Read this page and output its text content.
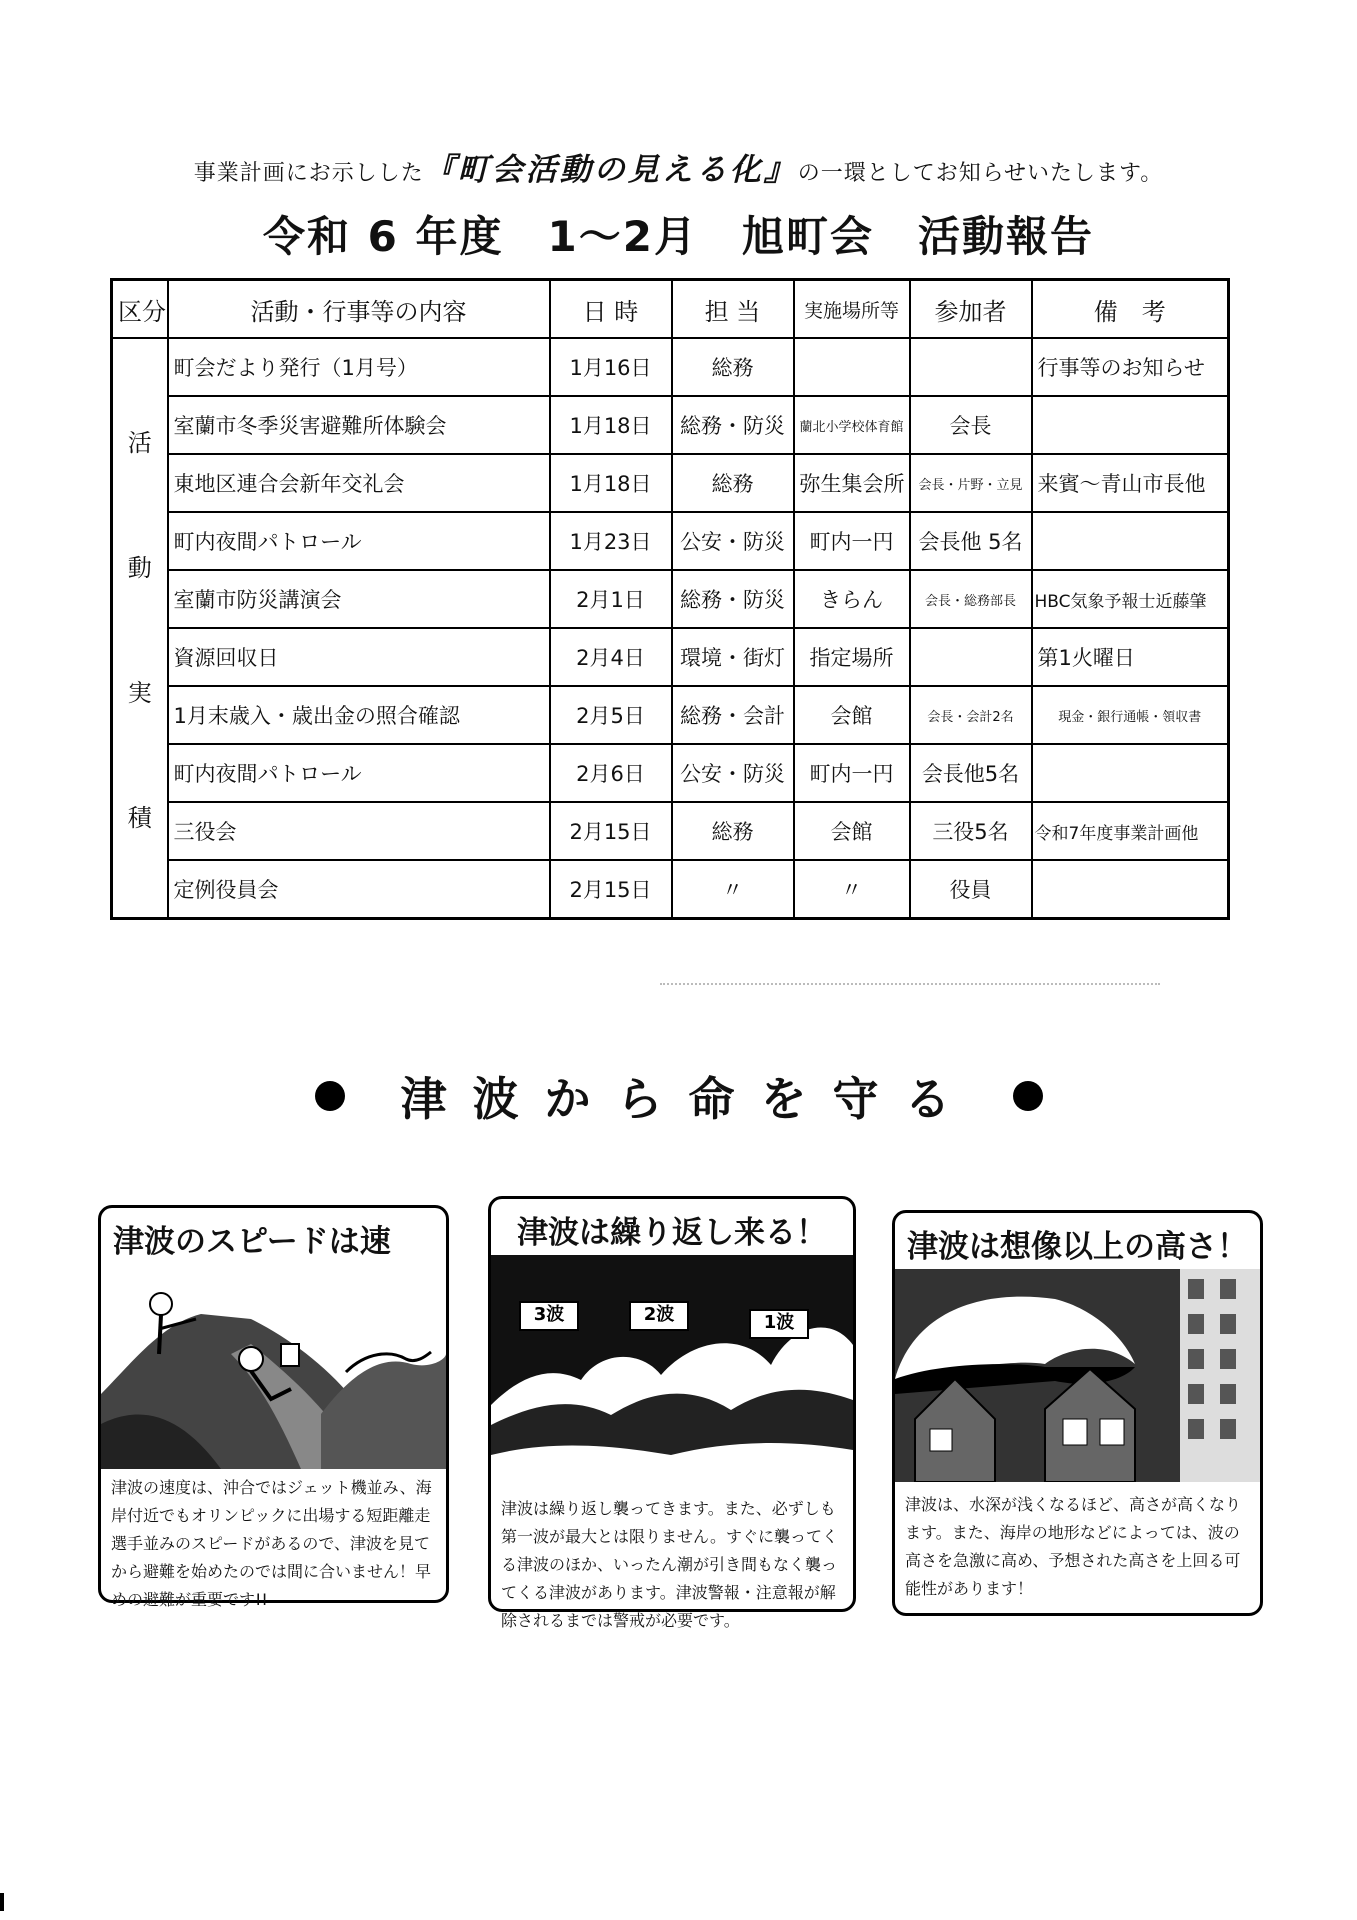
事業計画にお示しした『町会活動の見える化』の一環としてお知らせいたします。
令和 6 年度　1～2月　旭町会　活動報告
区分	活動・行事等の内容	日 時	担 当	実施場所等	参加者	備　考

活
動
実
積	町会だより発行（1月号）	1月16日	総務			行事等のお知らせ
	室蘭市冬季災害避難所体験会	1月18日	総務・防災	蘭北小学校体育館	会長	
	東地区連合会新年交礼会	1月18日	総務	弥生集会所	会長・片野・立見	来賓～青山市長他
	町内夜間パトロール	1月23日	公安・防災	町内一円	会長他 5名	
	室蘭市防災講演会	2月1日	総務・防災	きらん	会長・総務部長	HBC気象予報士近藤肇
	資源回収日	2月4日	環境・街灯	指定場所		第1火曜日
	1月末歳入・歳出金の照合確認	2月5日	総務・会計	会館	会長・会計2名	現金・銀行通帳・領収書
	町内夜間パトロール	2月6日	公安・防災	町内一円	会長他5名	
	三役会	2月15日	総務	会館	三役5名	令和7年度事業計画他
	定例役員会	2月15日	〃	〃	役員	
津波から命を守る
津波のスピードは速
津波の速度は、沖合ではジェット機並み、海岸付近でもオリンピックに出場する短距離走選手並みのスピードがあるので、津波を見てから避難を始めたのでは間に合いません！早めの避難が重要です!!
津波は繰り返し来る！
3波	2波	1波
津波は繰り返し襲ってきます。また、必ずしも第一波が最大とは限りません。すぐに襲ってくる津波のほか、いったん潮が引き間もなく襲ってくる津波があります。津波警報・注意報が解除されるまでは警戒が必要です。
津波は想像以上の高さ！
津波は、水深が浅くなるほど、高さが高くなります。また、海岸の地形などによっては、波の高さを急激に高め、予想された高さを上回る可能性があります！
